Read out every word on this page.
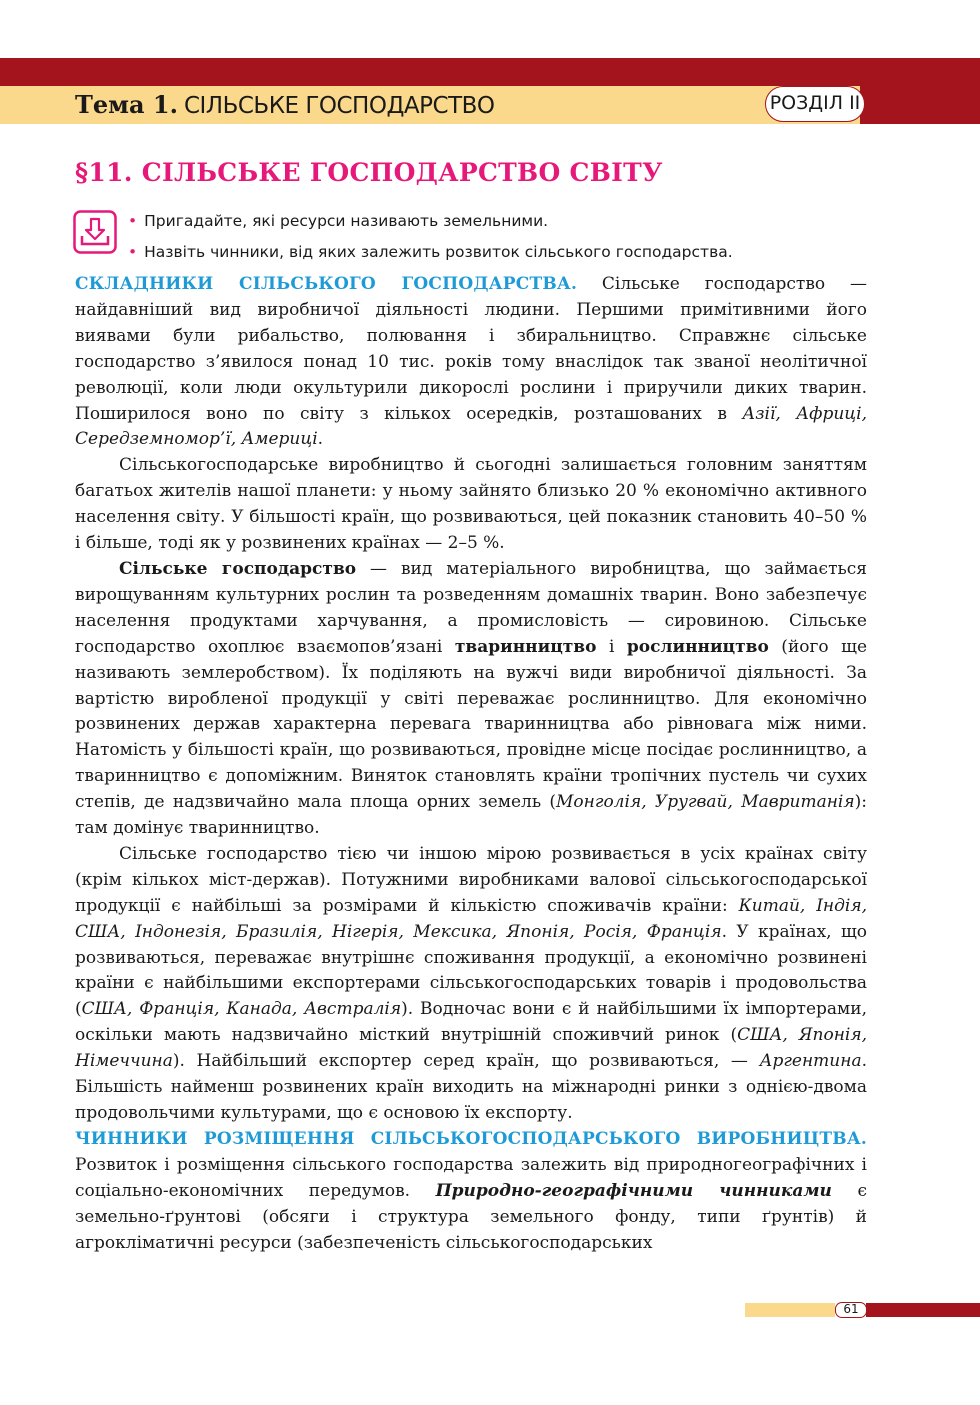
Тема 1. СІЛЬСЬКЕ ГОСПОДАРСТВО	РОЗДІЛ ІІ
§11. СІЛЬСЬКЕ ГОСПОДАРСТВО СВІТУ
• Пригадайте, які ресурси називають земельними.
• Назвіть чинники, від яких залежить розвиток сільського господарства.

СКЛАДНИКИ СІЛЬСЬКОГО ГОСПОДАРСТВА. Сільське господарство — найдавніший вид виробничої діяльності людини. Першими примітивними його виявами були рибальство, полювання і збиральництво. Справжнє сільське господарство з’явилося понад 10 тис. років тому внаслідок так званої неолітичної революції, коли люди окультурили дикорослі рослини і приручили диких тварин. Поширилося воно по світу з кількох осередків, розташованих в Азії, Африці, Середземномор’ї, Америці.

Сільськогосподарське виробництво й сьогодні залишається головним заняттям багатьох жителів нашої планети: у ньому зайнято близько 20 % економічно активного населення світу. У більшості країн, що розвиваються, цей показник становить 40–50 % і більше, тоді як у розвинених країнах — 2–5 %.

Сільське господарство — вид матеріального виробництва, що займається вирощуванням культурних рослин та розведенням домашніх тварин. Воно забезпечує населення продуктами харчування, а промисловість — сировиною. Сільське господарство охоплює взаємопов’язані тваринництво і рослинництво (його ще називають землеробством). Їх поділяють на вужчі види виробничої діяльності. За вартістю виробленої продукції у світі переважає рослинництво. Для економічно розвинених держав характерна перевага тваринництва або рівновага між ними. Натомість у більшості країн, що розвиваються, провідне місце посідає рослинництво, а тваринництво є допоміжним. Виняток становлять країни тропічних пустель чи сухих степів, де надзвичайно мала площа орних земель (Монголія, Уругвай, Мавританія): там домінує тваринництво.

Сільське господарство тією чи іншою мірою розвивається в усіх країнах світу (крім кількох міст-держав). Потужними виробниками валової сільськогосподарської продукції є найбільші за розмірами й кількістю споживачів країни: Китай, Індія, США, Індонезія, Бразилія, Нігерія, Мексика, Японія, Росія, Франція. У країнах, що розвиваються, переважає внутрішнє споживання продукції, а економічно розвинені країни є найбільшими експортерами сільськогосподарських товарів і продовольства (США, Франція, Канада, Австралія). Водночас вони є й найбільшими їх імпортерами, оскільки мають надзвичайно місткий внутрішній споживчий ринок (США, Японія, Німеччина). Найбільший експортер серед країн, що розвиваються, — Аргентина. Більшість найменш розвинених країн виходить на міжнародні ринки з однією-двома продовольчими культурами, що є основою їх експорту.

ЧИННИКИ РОЗМІЩЕННЯ СІЛЬСЬКОГОСПОДАРСЬКОГО ВИРОБНИЦТВА. Розвиток і розміщення сільського господарства залежить від природногеографічних і соціально-економічних передумов. Природно-географічними чинниками є земельно-ґрунтові (обсяги і структура земельного фонду, типи ґрунтів) й агрокліматичні ресурси (забезпеченість сільськогосподарських

61
